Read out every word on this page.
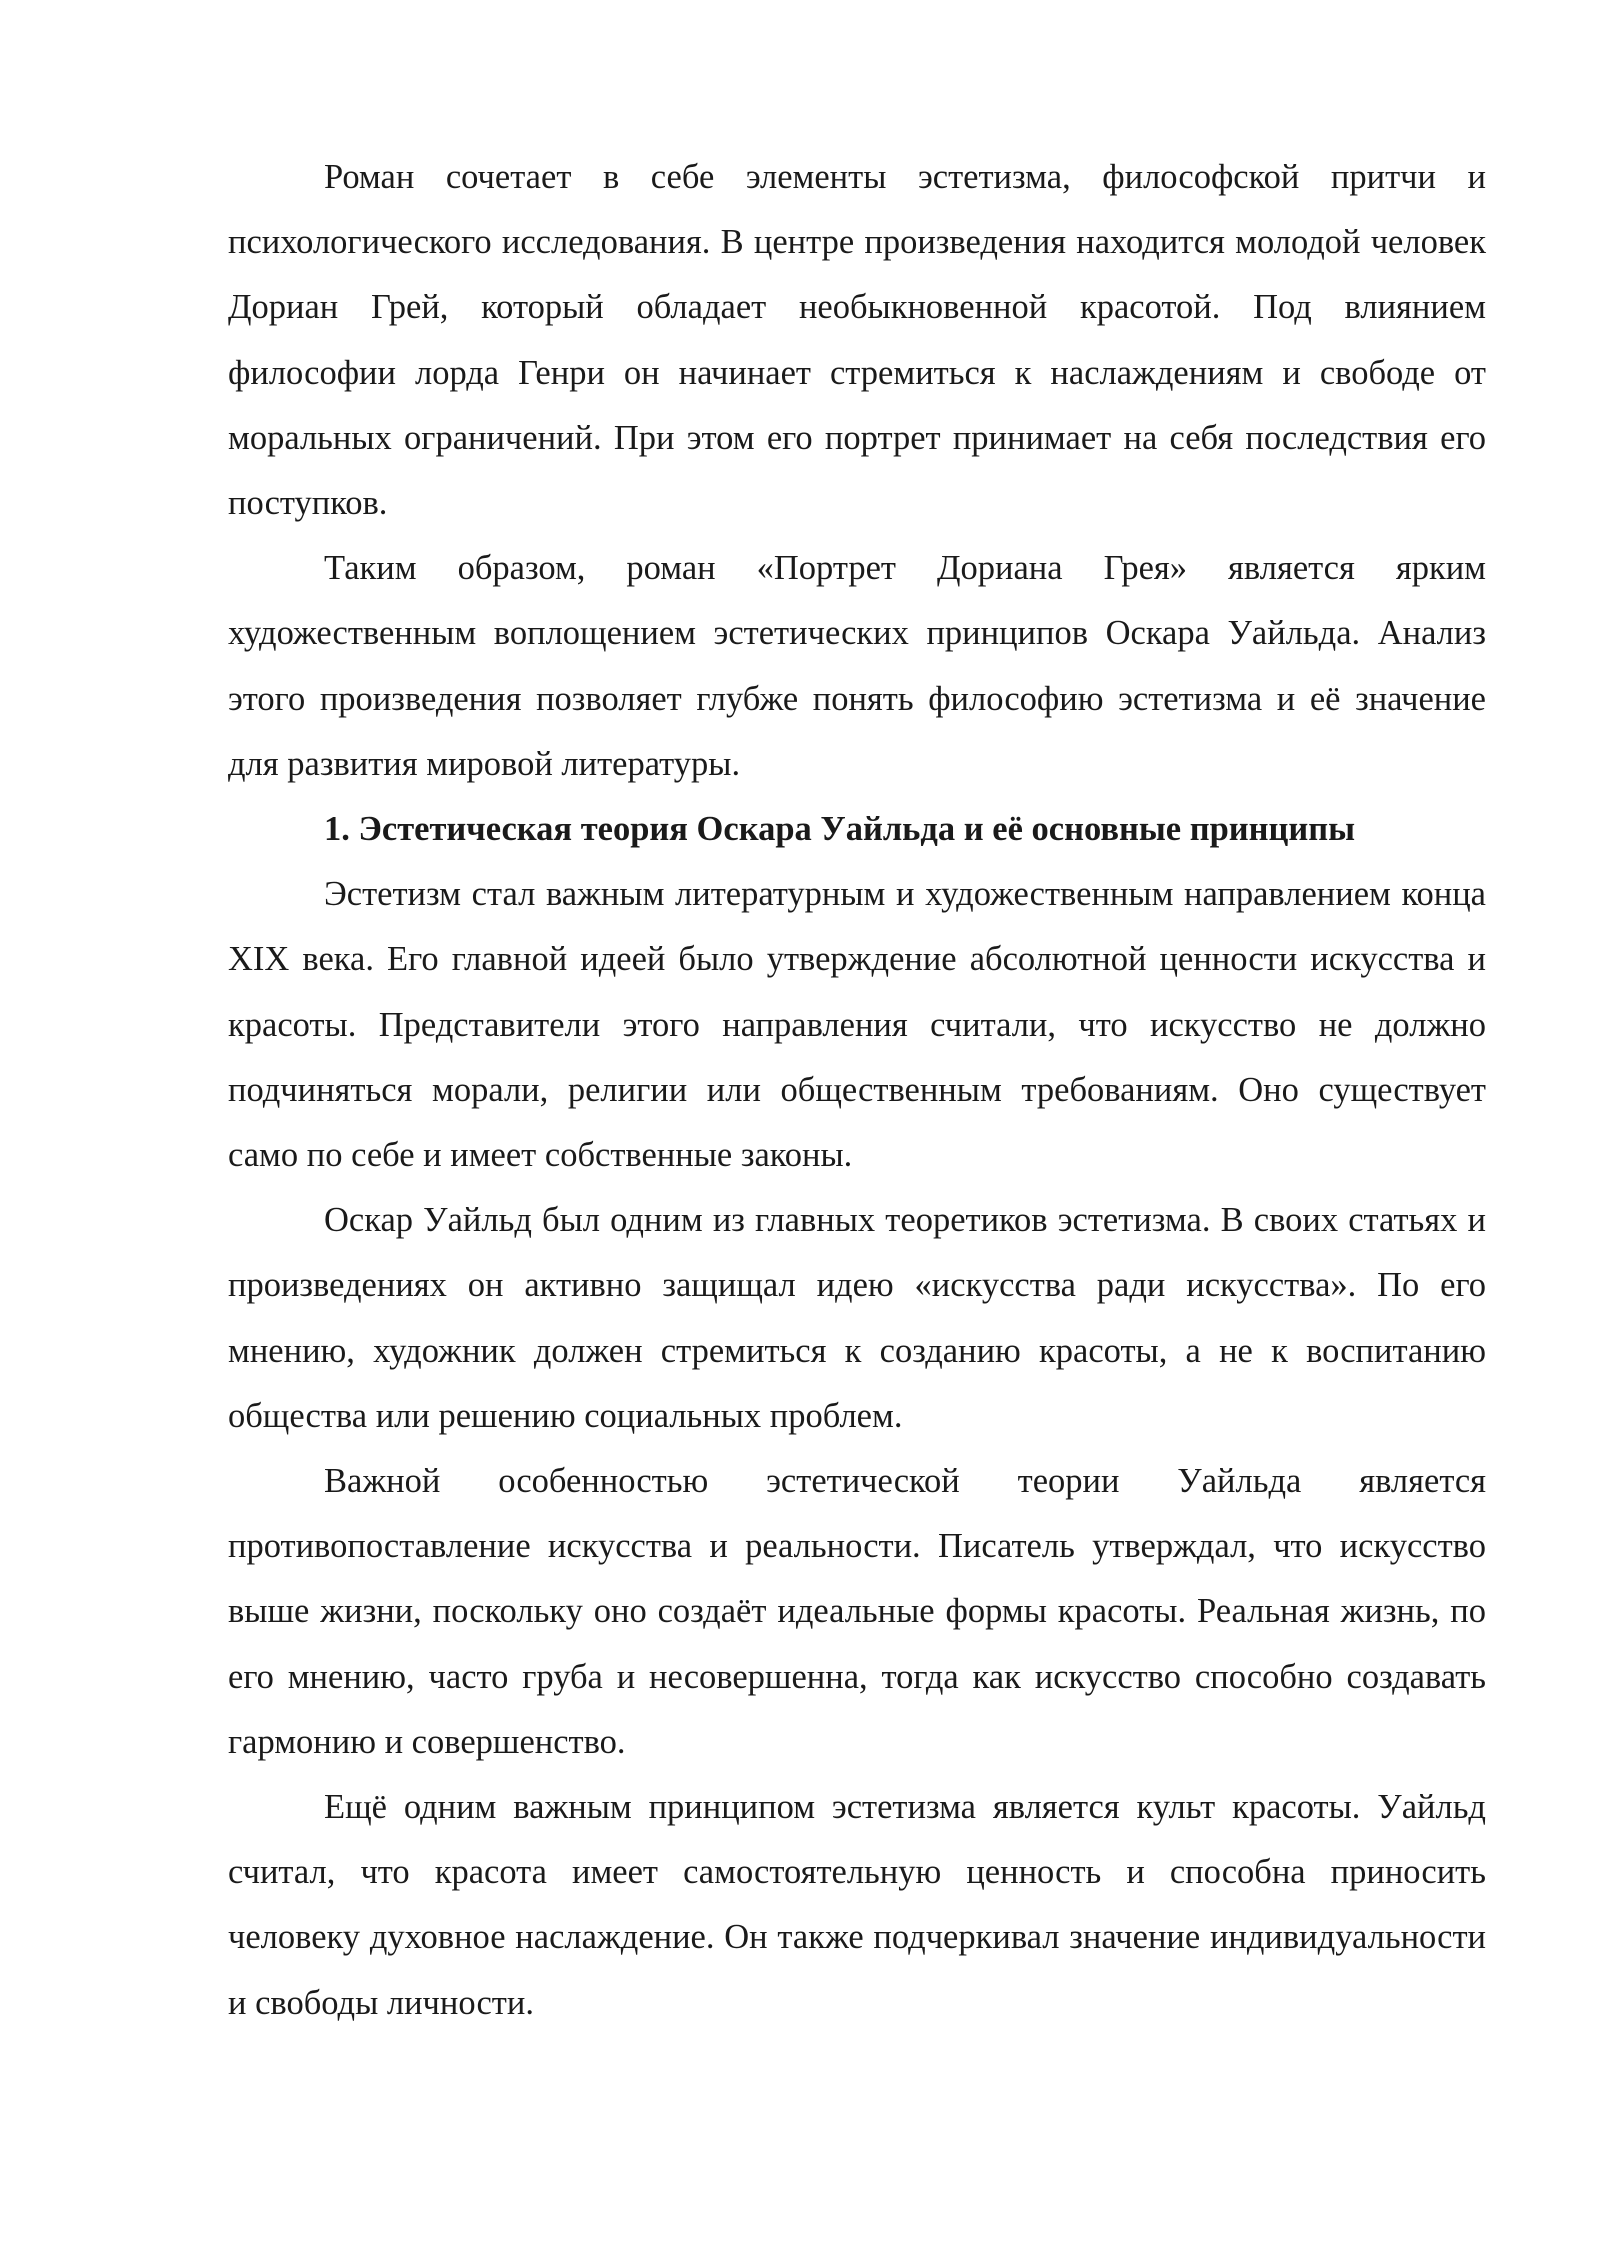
Роман сочетает в себе элементы эстетизма, философской притчи и психологического исследования. В центре произведения находится молодой человек Дориан Грей, который обладает необыкновенной красотой. Под влиянием философии лорда Генри он начинает стремиться к наслаждениям и свободе от моральных ограничений. При этом его портрет принимает на себя последствия его поступков.

Таким образом, роман «Портрет Дориана Грея» является ярким художественным воплощением эстетических принципов Оскара Уайльда. Анализ этого произведения позволяет глубже понять философию эстетизма и её значение для развития мировой литературы.

1. Эстетическая теория Оскара Уайльда и её основные принципы

Эстетизм стал важным литературным и художественным направлением конца XIX века. Его главной идеей было утверждение абсолютной ценности искусства и красоты. Представители этого направления считали, что искусство не должно подчиняться морали, религии или общественным требованиям. Оно существует само по себе и имеет собственные законы.

Оскар Уайльд был одним из главных теоретиков эстетизма. В своих статьях и произведениях он активно защищал идею «искусства ради искусства». По его мнению, художник должен стремиться к созданию красоты, а не к воспитанию общества или решению социальных проблем.

Важной особенностью эстетической теории Уайльда является противопоставление искусства и реальности. Писатель утверждал, что искусство выше жизни, поскольку оно создаёт идеальные формы красоты. Реальная жизнь, по его мнению, часто груба и несовершенна, тогда как искусство способно создавать гармонию и совершенство.

Ещё одним важным принципом эстетизма является культ красоты. Уайльд считал, что красота имеет самостоятельную ценность и способна приносить человеку духовное наслаждение. Он также подчеркивал значение индивидуальности и свободы личности.
